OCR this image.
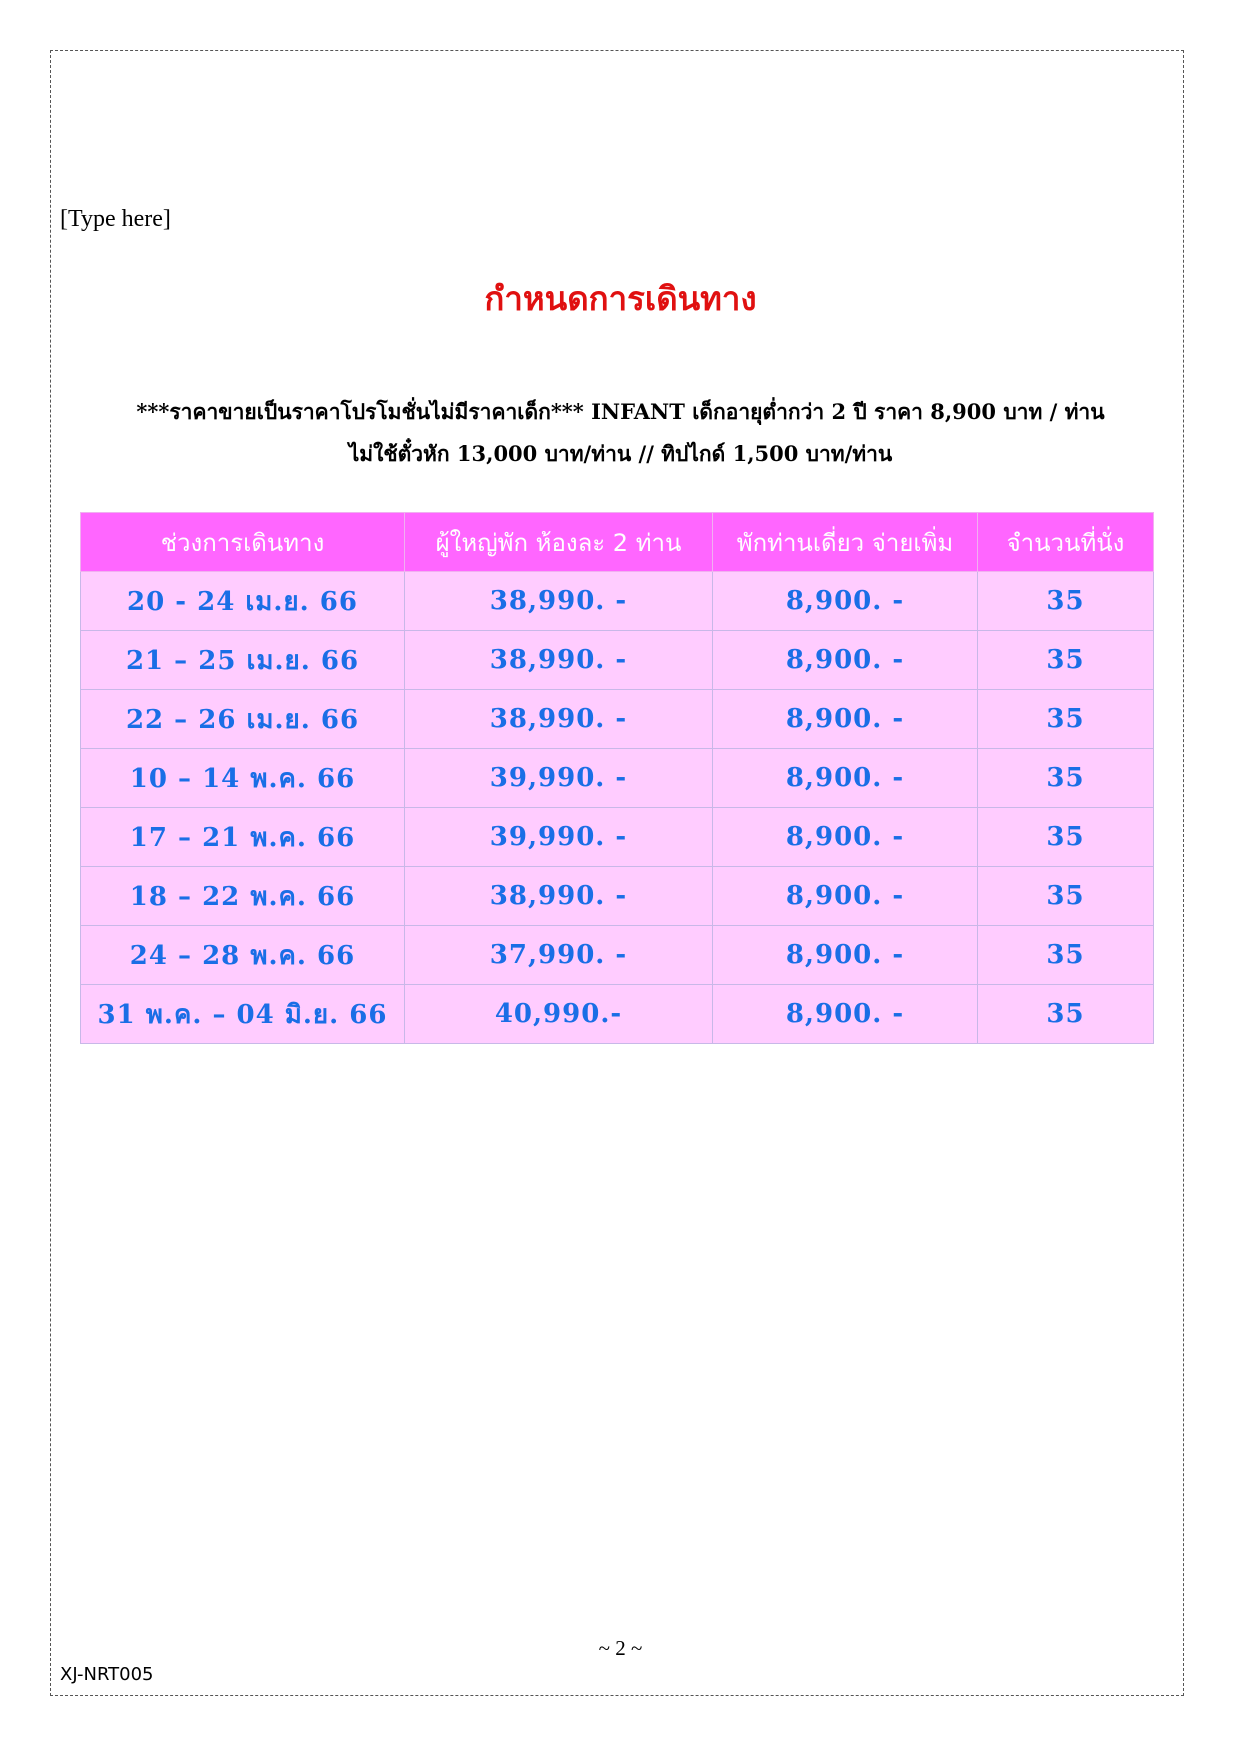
[Type here]
กำหนดการเดินทาง
***ราคาขายเป็นราคาโปรโมชั่นไม่มีราคาเด็ก*** INFANT เด็กอายุต่ำกว่า 2 ปี ราคา 8,900 บาท / ท่าน
ไม่ใช้ตั๋วหัก 13,000 บาท/ท่าน // ทิปไกด์ 1,500 บาท/ท่าน
ช่วงการเดินทาง	ผู้ใหญ่พัก ห้องละ 2 ท่าน	พักท่านเดี่ยว จ่ายเพิ่ม	จำนวนที่นั่ง
20 - 24 เม.ย. 66	38,990. -	8,900. -	35
21 – 25 เม.ย. 66	38,990. -	8,900. -	35
22 – 26 เม.ย. 66	38,990. -	8,900. -	35
10 – 14 พ.ค. 66	39,990. -	8,900. -	35
17 – 21 พ.ค. 66	39,990. -	8,900. -	35
18 – 22 พ.ค. 66	38,990. -	8,900. -	35
24 – 28 พ.ค. 66	37,990. -	8,900. -	35
31 พ.ค. – 04 มิ.ย. 66	40,990.-	8,900. -	35
~ 2 ~
XJ-NRT005
